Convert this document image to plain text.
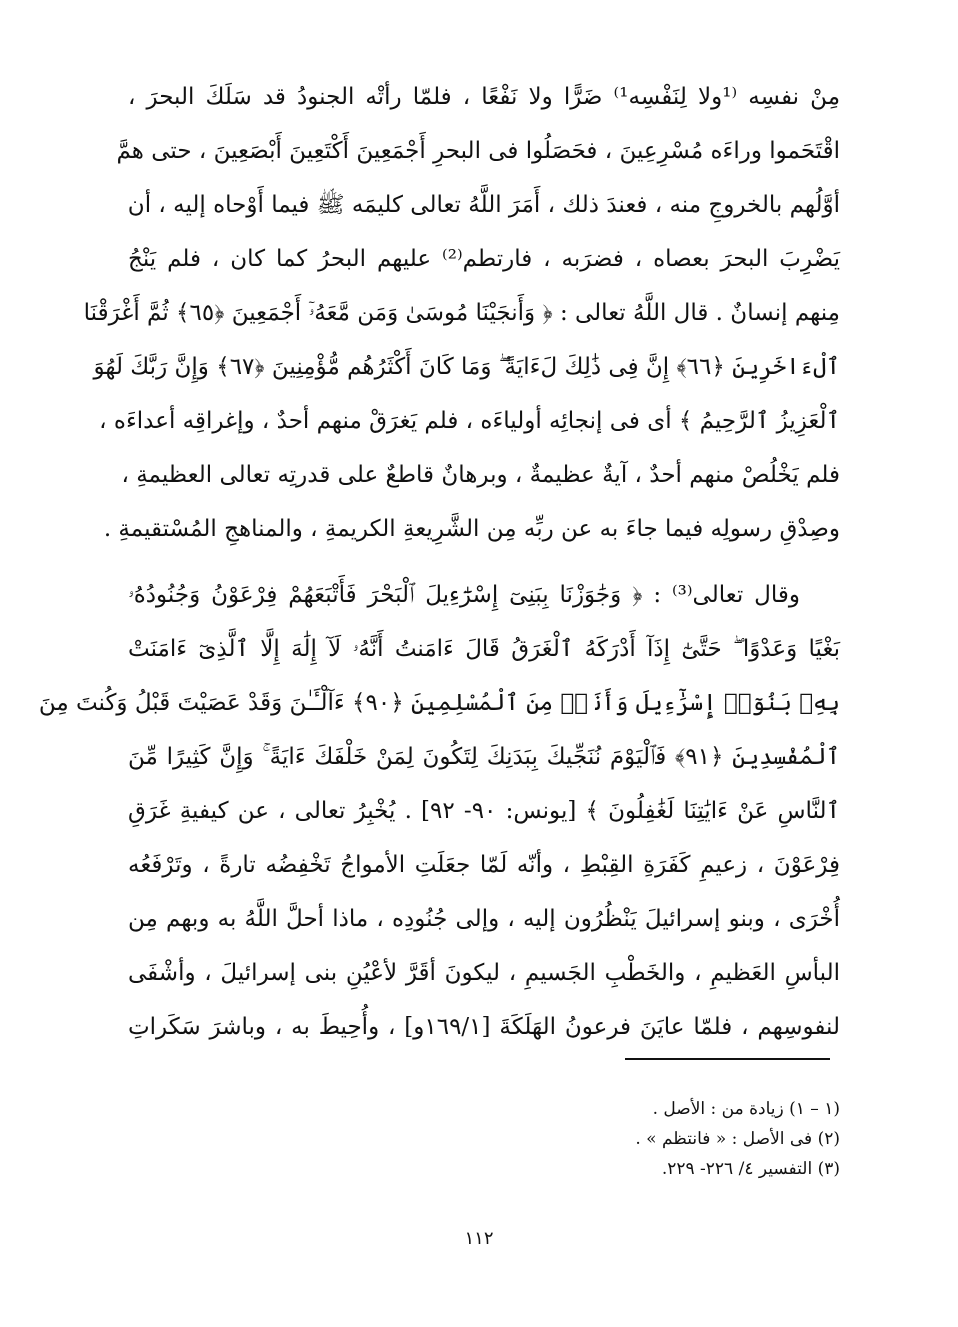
مِنْ نفسِه ⁽¹ولا لِنَفْسِه¹⁾ ضَرًّا ولا نَفْعًا ، فلمّا رأتْه الجنودُ قد سَلَكَ البحرَ ،
اقْتَحَموا وراءَه مُسْرِعِينَ ، فحَصَلُوا فى البحرِ أَجْمَعِينَ أَكْتَعِينَ أَبْصَعِينَ ، حتى همَّ
أوَّلُهم بالخروجِ منه ، فعندَ ذلك ، أَمَرَ اللَّهُ تعالى كليمَه ﷺ فيما أَوْحاه إليه ، أن
يَضْرِبَ البحرَ بعصاه ، فضرَبه ، فارتطم⁽²⁾ عليهم البحرُ كما كان ، فلم يَنْجُ
مِنهم إنسانٌ . قال اللَّهُ تعالى : ﴿ وَأَنجَيْنَا مُوسَىٰ وَمَن مَّعَهُۥٓ أَجْمَعِينَ ﴿٦٥﴾ ثُمَّ أَغْرَقْنَا
ٱلْءَاخَرِينَ ﴿٦٦﴾ إِنَّ فِى ذَٰلِكَ لَءَايَةً ۖ وَمَا كَانَ أَكْثَرُهُم مُّؤْمِنِينَ ﴿٦٧﴾ وَإِنَّ رَبَّكَ لَهُوَ
ٱلْعَزِيزُ ٱلرَّحِيمُ ﴾ أى فى إنجائِه أولياءَه ، فلم يَغرَقْ منهم أحدٌ ، وإغراقِه أعداءَه ،
فلم يَخْلُصْ منهم أحدٌ ، آيةٌ عظيمةٌ ، وبرهانٌ قاطعٌ على قدرتِه تعالى العظيمةِ ،
وصِدْقِ رسولِه فيما جاءَ به عن ربِّه مِن الشَّرِيعةِ الكريمةِ ، والمناهجِ المُسْتقيمةِ .
وقال تعالى⁽³⁾ : ﴿ وَجَٰوَزْنَا بِبَنِىٓ إِسْرَٰٓءِيلَ ٱلْبَحْرَ فَأَتْبَعَهُمْ فِرْعَوْنُ وَجُنُودُهُۥ
بَغْيًا وَعَدْوًا ۖ حَتَّىٰٓ إِذَآ أَدْرَكَهُ ٱلْغَرَقُ قَالَ ءَامَنتُ أَنَّهُۥ لَآ إِلَٰهَ إِلَّا ٱلَّذِىٓ ءَامَنَتْ
بِهِۦ بَنُوٓا۟ إِسْرَٰٓءِيلَ وَأَنَا۠ مِنَ ٱلْمُسْلِمِينَ ﴿٩٠﴾ ءَآلْـَٔـٰنَ وَقَدْ عَصَيْتَ قَبْلُ وَكُنتَ مِنَ
ٱلْمُفْسِدِينَ ﴿٩١﴾ فَٱلْيَوْمَ نُنَجِّيكَ بِبَدَنِكَ لِتَكُونَ لِمَنْ خَلْفَكَ ءَايَةً ۚ وَإِنَّ كَثِيرًا مِّنَ
ٱلنَّاسِ عَنْ ءَايَٰتِنَا لَغَٰفِلُونَ ﴾ [يونس: ٩٠- ٩٢] . يُخْبِرُ تعالى ، عن كيفيةِ غَرَقِ
فِرْعَوْنَ ، زعيمِ كَفَرَةِ القِبْطِ ، وأنّه لَمّا جعَلَتِ الأمواجُ تَخْفِضُه تارةً ، وتَرْفَعُه
أُخْرَى ، وبنو إسرائيلَ يَنْظُرُون إليه ، وإلى جُنُودِه ، ماذا أحلَّ اللَّهُ به وبهم مِن
البأسِ العَظيمِ ، والخَطْبِ الجَسيمِ ، ليكونَ أقَرَّ لأعْيُنِ بنى إسرائيلَ ، وأشْفَى
لنفوسِهم ، فلمّا عايَنَ فرعونُ الهَلَكَةَ [١٦٩/١و] ، وأُحِيطَ به ، وباشرَ سَكَراتِ
(١ – ١) زيادة من : الأصل .
(٢) فى الأصل : « فانتظم » .
(٣) التفسير ٤/ ٢٢٦- ٢٢٩.
١١٢
